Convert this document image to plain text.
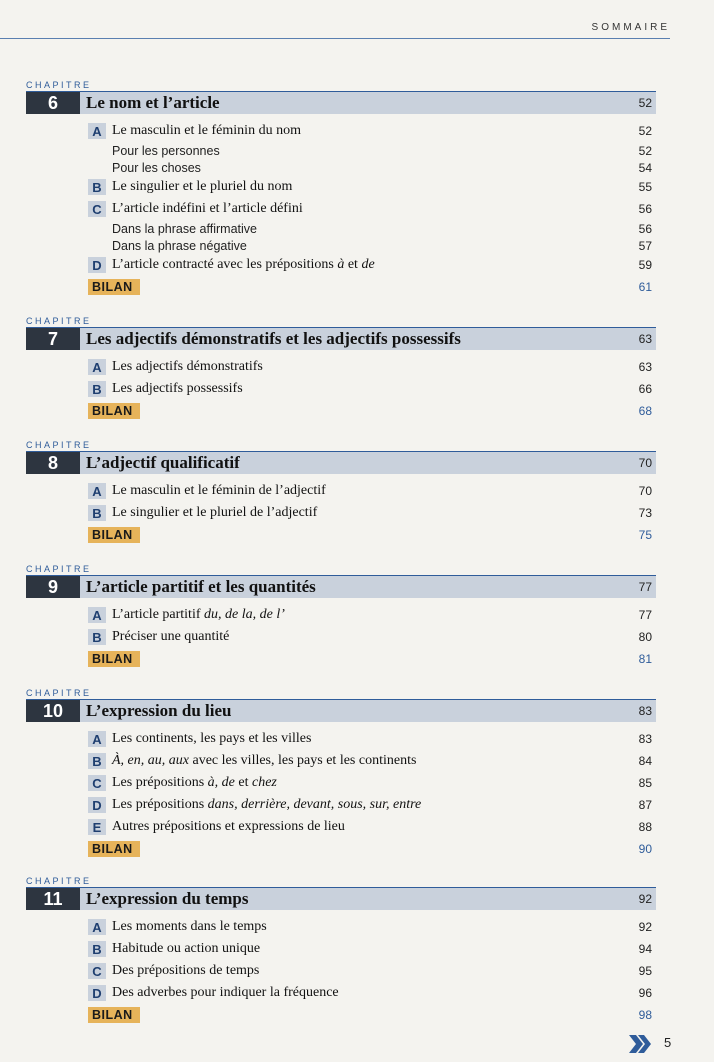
SOMMAIRE
CHAPITRE
6	Le nom et l’article	52
A Le masculin et le féminin du nom	52
Pour les personnes	52
Pour les choses	54
B Le singulier et le pluriel du nom	55
C L’article indéfini et l’article défini	56
Dans la phrase affirmative	56
Dans la phrase négative	57
D L’article contracté avec les prépositions à et de	59
BILAN	61
CHAPITRE
7	Les adjectifs démonstratifs et les adjectifs possessifs	63
A Les adjectifs démonstratifs	63
B Les adjectifs possessifs	66
BILAN	68
CHAPITRE
8	L’adjectif qualificatif	70
A Le masculin et le féminin de l’adjectif	70
B Le singulier et le pluriel de l’adjectif	73
BILAN	75
CHAPITRE
9	L’article partitif et les quantités	77
A L’article partitif du, de la, de l’	77
B Préciser une quantité	80
BILAN	81
CHAPITRE
10	L’expression du lieu	83
A Les continents, les pays et les villes	83
B À, en, au, aux avec les villes, les pays et les continents	84
C Les prépositions à, de et chez	85
D Les prépositions dans, derrière, devant, sous, sur, entre	87
E Autres prépositions et expressions de lieu	88
BILAN	90
CHAPITRE
11	L’expression du temps	92
A Les moments dans le temps	92
B Habitude ou action unique	94
C Des prépositions de temps	95
D Des adverbes pour indiquer la fréquence	96
BILAN	98
5
